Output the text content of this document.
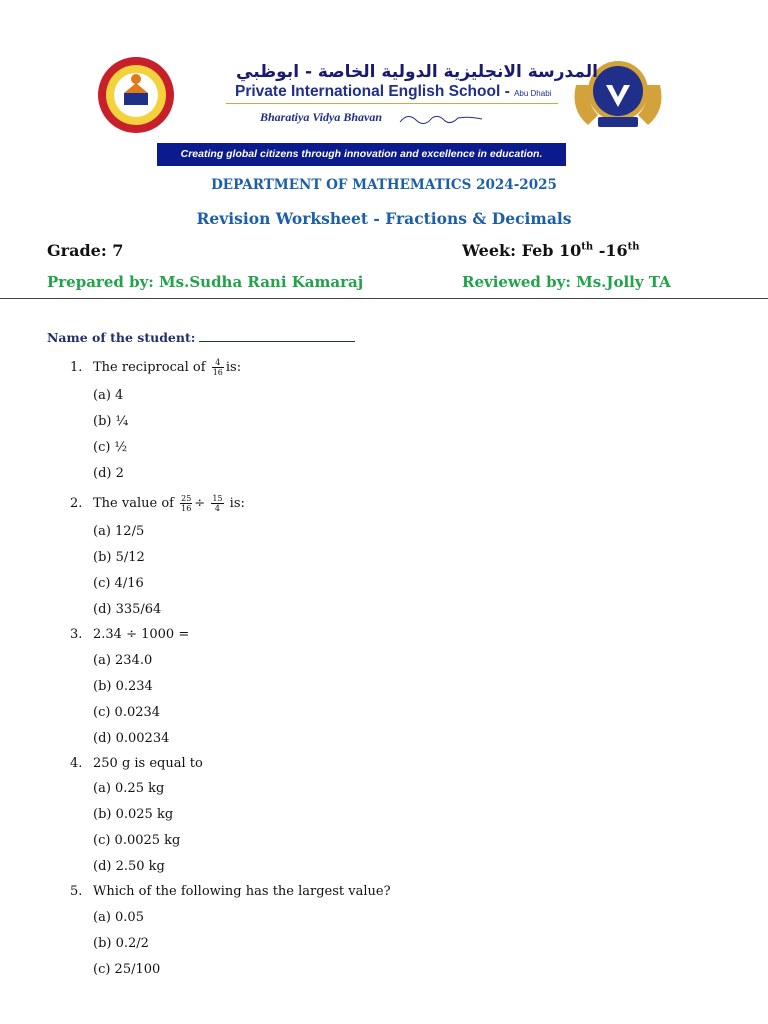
المدرسة الانجليزية الدولية الخاصة - ابوظبي
Private International English School - Abu Dhabi
Bharatiya Vidya Bhavan
Creating global citizens through innovation and excellence in education.
DEPARTMENT OF MATHEMATICS 2024-2025
Revision Worksheet - Fractions & Decimals
Grade: 7	Week: Feb 10th -16th
Prepared by: Ms.Sudha Rani Kamaraj	Reviewed by: Ms.Jolly TA
Name of the student:
1. The reciprocal of $\frac{4}{16}$ is:
(a) 4
(b) ¼
(c) ½
(d) 2
2. The value of $\frac{25}{16} \div \frac{15}{4}$ is:
(a) 12/5
(b) 5/12
(c) 4/16
(d) 335/64
3. 2.34 ÷ 1000 =
(a) 234.0
(b) 0.234
(c) 0.0234
(d) 0.00234
4. 250 g is equal to
(a) 0.25 kg
(b) 0.025 kg
(c) 0.0025 kg
(d) 2.50 kg
5. Which of the following has the largest value?
(a) 0.05
(b) 0.2/2
(c) 25/100
